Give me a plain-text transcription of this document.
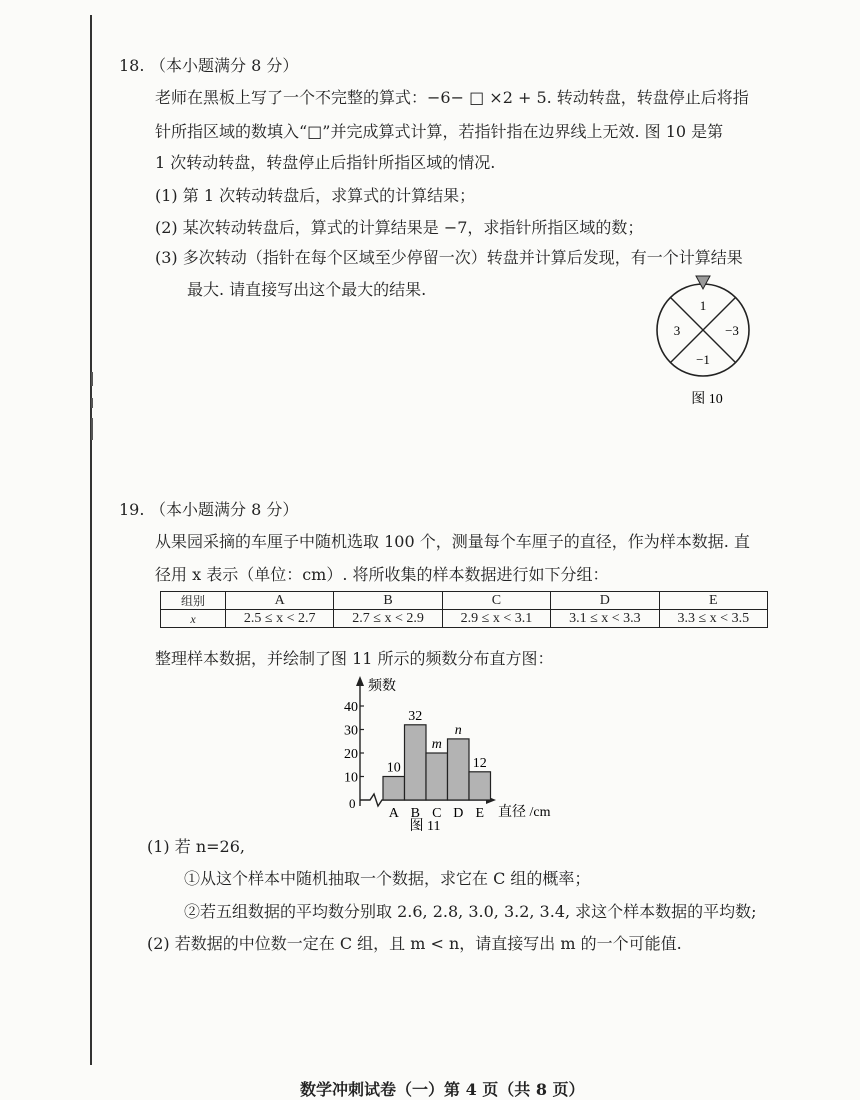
18. （本小题满分 8 分）
老师在黑板上写了一个不完整的算式：−6− □ ×2 + 5. 转动转盘，转盘停止后将指
针所指区域的数填入“□”并完成算式计算，若指针指在边界线上无效. 图 10 是第
1 次转动转盘，转盘停止后指针所指区域的情况.
(1) 第 1 次转动转盘后，求算式的计算结果；
(2) 某次转动转盘后，算式的计算结果是 −7，求指针所指区域的数；
(3) 多次转动（指针在每个区域至少停留一次）转盘并计算后发现，有一个计算结果
最大. 请直接写出这个最大的结果.
1
3	−3
−1
图 10
19. （本小题满分 8 分）
从果园采摘的车厘子中随机选取 100 个，测量每个车厘子的直径，作为样本数据. 直
径用 x 表示（单位：cm）. 将所收集的样本数据进行如下分组：
组别	A	B	C	D	E
x	2.5 ≤ x < 2.7	2.7 ≤ x < 2.9	2.9 ≤ x < 3.1	3.1 ≤ x < 3.3	3.3 ≤ x < 3.5
整理样本数据，并绘制了图 11 所示的频数分布直方图：
频数
0
直径 /cm
图 11
10
20
30
40
10
A
32
B
m
C
n
D
12
E
(1) 若 n=26,
①从这个样本中随机抽取一个数据，求它在 C 组的概率；
②若五组数据的平均数分别取 2.6, 2.8, 3.0, 3.2, 3.4, 求这个样本数据的平均数;
(2) 若数据的中位数一定在 C 组，且 m < n，请直接写出 m 的一个可能值.
数学冲刺试卷（一）第 4 页（共 8 页）
